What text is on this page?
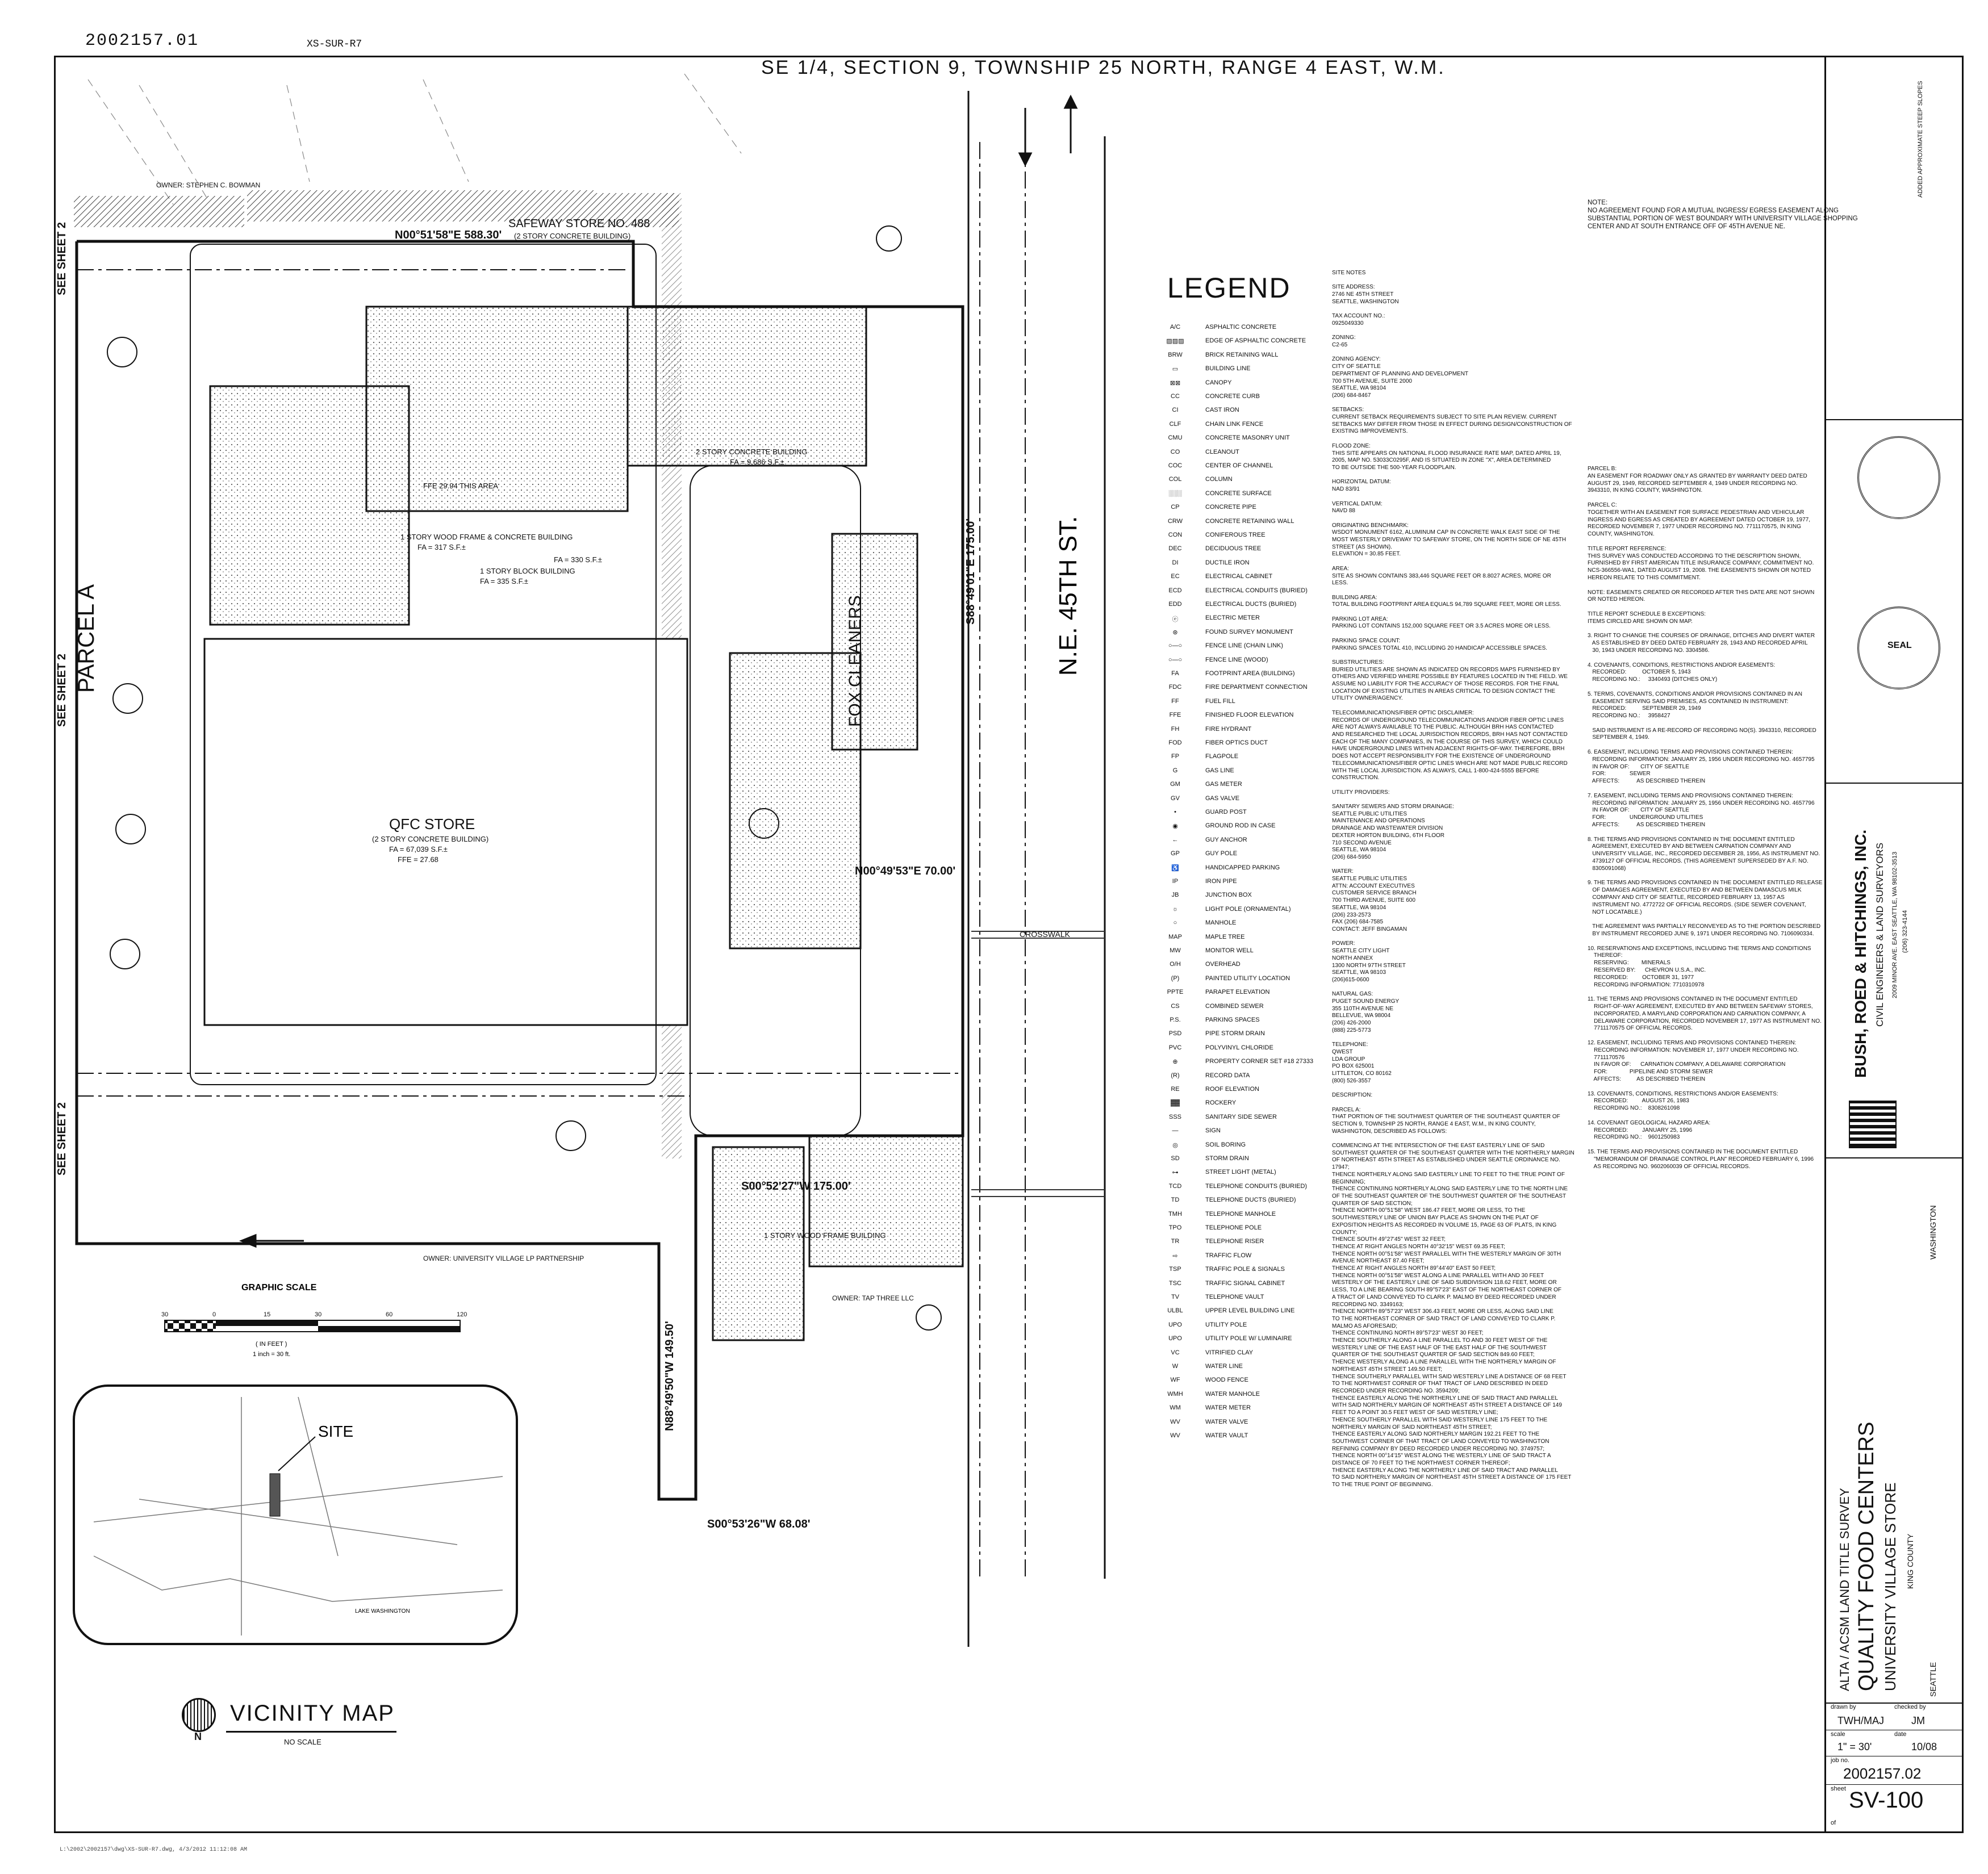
2002157.01	XS-SUR-R7
SE 1/4, SECTION 9, TOWNSHIP 25 NORTH, RANGE 4 EAST, W.M.
N.E. 45TH ST.
SAFEWAY STORE NO. 488
(2 STORY CONCRETE BUILDING)
2 STORY CONCRETE BUILDING
FA = 9,686 S.F.±
1 STORY WOOD FRAME & CONCRETE BUILDING
FA = 317 S.F.±
1 STORY BLOCK BUILDING
FA = 335 S.F.±
FA = 330 S.F.±
FFE 29.94 THIS AREA
FOX CLEANERS
QFC STORE
(2 STORY CONCRETE BUILDING)
FA = 67,039 S.F.±
FFE = 27.68
1 STORY WOOD FRAME BUILDING
PARCEL A
CROSSWALK
N00°51'58"E 588.30'
S88°49'01"E 175.00'
N00°49'53"E 70.00'
S00°52'27"W 175.00'
N88°49'50"W 149.50'
S00°53'26"W 68.08'
OWNER: STEPHEN C. BOWMAN
OWNER: UNIVERSITY VILLAGE LP PARTNERSHIP
OWNER: TAP THREE LLC
SEE SHEET 2
SEE SHEET 2
SEE SHEET 2
GRAPHIC SCALE
30	0	15	30	60	120
( IN FEET )
1 inch = 30 ft.
SITE
LAKE WASHINGTON
N
VICINITY MAP
NO SCALE
LEGEND
A/C	ASPHALTIC CONCRETE
▨▨▨	EDGE OF ASPHALTIC CONCRETE
BRW	BRICK RETAINING WALL
▭	BUILDING LINE
⊠⊠	CANOPY
CC	CONCRETE CURB
CI	CAST IRON
CLF	CHAIN LINK FENCE
CMU	CONCRETE MASONRY UNIT
CO	CLEANOUT
COC	CENTER OF CHANNEL
COL	COLUMN
░░░	CONCRETE SURFACE
CP	CONCRETE PIPE
CRW	CONCRETE RETAINING WALL
CON	CONIFEROUS TREE
DEC	DECIDUOUS TREE
DI	DUCTILE IRON
EC	ELECTRICAL CABINET
ECD	ELECTRICAL CONDUITS (BURIED)
EDD	ELECTRICAL DUCTS (BURIED)
ⓔ	ELECTRIC METER
⊛	FOUND SURVEY MONUMENT
○—○	FENCE LINE (CHAIN LINK)
○—○	FENCE LINE (WOOD)
FA	FOOTPRINT AREA (BUILDING)
FDC	FIRE DEPARTMENT CONNECTION
FF	FUEL FILL
FFE	FINISHED FLOOR ELEVATION
FH	FIRE HYDRANT
FOD	FIBER OPTICS DUCT
FP	FLAGPOLE
G	GAS LINE
GM	GAS METER
GV	GAS VALVE
•	GUARD POST
◉	GROUND ROD IN CASE
←	GUY ANCHOR
GP	GUY POLE
♿	HANDICAPPED PARKING
IP	IRON PIPE
JB	JUNCTION BOX
☼	LIGHT POLE (ORNAMENTAL)
○	MANHOLE
MAP	MAPLE TREE
MW	MONITOR WELL
O/H	OVERHEAD
(P)	PAINTED UTILITY LOCATION
PPTE	PARAPET ELEVATION
CS	COMBINED SEWER
P.S.	PARKING SPACES
PSD	PIPE STORM DRAIN
PVC	POLYVINYL CHLORIDE
⊕	PROPERTY CORNER SET #18 27333
(R)	RECORD DATA
RE	ROOF ELEVATION
▓▓	ROCKERY
SSS	SANITARY SIDE SEWER
—	SIGN
◎	SOIL BORING
SD	STORM DRAIN
⊶	STREET LIGHT (METAL)
TCD	TELEPHONE CONDUITS (BURIED)
TD	TELEPHONE DUCTS (BURIED)
TMH	TELEPHONE MANHOLE
TPO	TELEPHONE POLE
TR	TELEPHONE RISER
⇨	TRAFFIC FLOW
TSP	TRAFFIC POLE & SIGNALS
TSC	TRAFFIC SIGNAL CABINET
TV	TELEPHONE VAULT
ULBL	UPPER LEVEL BUILDING LINE
UPO	UTILITY POLE
UPO	UTILITY POLE W/ LUMINAIRE
VC	VITRIFIED CLAY
W	WATER LINE
WF	WOOD FENCE
WMH	WATER MANHOLE
WM	WATER METER
WV	WATER VALVE
WV	WATER VAULT
SITE NOTES

SITE ADDRESS:
2746 NE 45TH STREET
SEATTLE, WASHINGTON

TAX ACCOUNT NO.:
0925049330

ZONING:
C2-65

ZONING AGENCY:
CITY OF SEATTLE
DEPARTMENT OF PLANNING AND DEVELOPMENT
700 5TH AVENUE, SUITE 2000
SEATTLE, WA 98104
(206) 684-8467

SETBACKS:
CURRENT SETBACK REQUIREMENTS SUBJECT TO SITE PLAN REVIEW. CURRENT
SETBACKS MAY DIFFER FROM THOSE IN EFFECT DURING DESIGN/CONSTRUCTION OF
EXISTING IMPROVEMENTS.

FLOOD ZONE:
THIS SITE APPEARS ON NATIONAL FLOOD INSURANCE RATE MAP, DATED APRIL 19,
2005, MAP NO. 53033C0295F, AND IS SITUATED IN ZONE "X", AREA DETERMINED
TO BE OUTSIDE THE 500-YEAR FLOODPLAIN.

HORIZONTAL DATUM:
NAD 83/91

VERTICAL DATUM:
NAVD 88

ORIGINATING BENCHMARK:
WSDOT MONUMENT 6162, ALUMINUM CAP IN CONCRETE WALK EAST SIDE OF THE
MOST WESTERLY DRIVEWAY TO SAFEWAY STORE, ON THE NORTH SIDE OF NE 45TH
STREET (AS SHOWN).
ELEVATION = 30.85 FEET.

AREA:
SITE AS SHOWN CONTAINS 383,446 SQUARE FEET OR 8.8027 ACRES, MORE OR
LESS.

BUILDING AREA:
TOTAL BUILDING FOOTPRINT AREA EQUALS 94,789 SQUARE FEET, MORE OR LESS.

PARKING LOT AREA:
PARKING LOT CONTAINS 152,000 SQUARE FEET OR 3.5 ACRES MORE OR LESS.

PARKING SPACE COUNT:
PARKING SPACES TOTAL 410, INCLUDING 20 HANDICAP ACCESSIBLE SPACES.

SUBSTRUCTURES:
BURIED UTILITIES ARE SHOWN AS INDICATED ON RECORDS MAPS FURNISHED BY
OTHERS AND VERIFIED WHERE POSSIBLE BY FEATURES LOCATED IN THE FIELD. WE
ASSUME NO LIABILITY FOR THE ACCURACY OF THOSE RECORDS. FOR THE FINAL
LOCATION OF EXISTING UTILITIES IN AREAS CRITICAL TO DESIGN CONTACT THE
UTILITY OWNER/AGENCY.

TELECOMMUNICATIONS/FIBER OPTIC DISCLAIMER:
RECORDS OF UNDERGROUND TELECOMMUNICATIONS AND/OR FIBER OPTIC LINES
ARE NOT ALWAYS AVAILABLE TO THE PUBLIC. ALTHOUGH BRH HAS CONTACTED
AND RESEARCHED THE LOCAL JURISDICTION RECORDS, BRH HAS NOT CONTACTED
EACH OF THE MANY COMPANIES, IN THE COURSE OF THIS SURVEY, WHICH COULD
HAVE UNDERGROUND LINES WITHIN ADJACENT RIGHTS-OF-WAY. THEREFORE, BRH
DOES NOT ACCEPT RESPONSIBILITY FOR THE EXISTENCE OF UNDERGROUND
TELECOMMUNICATIONS/FIBER OPTIC LINES WHICH ARE NOT MADE PUBLIC RECORD
WITH THE LOCAL JURISDICTION. AS ALWAYS, CALL 1-800-424-5555 BEFORE
CONSTRUCTION.

UTILITY PROVIDERS:

SANITARY SEWERS AND STORM DRAINAGE:
SEATTLE PUBLIC UTILITIES
MAINTENANCE AND OPERATIONS
DRAINAGE AND WASTEWATER DIVISION
DEXTER HORTON BUILDING, 6TH FLOOR
710 SECOND AVENUE
SEATTLE, WA 98104
(206) 684-5950

WATER:
SEATTLE PUBLIC UTILITIES
ATTN: ACCOUNT EXECUTIVES
CUSTOMER SERVICE BRANCH
700 THIRD AVENUE, SUITE 600
SEATTLE, WA 98104
(206) 233-2573
FAX (206) 684-7585
CONTACT: JEFF BINGAMAN

POWER:
SEATTLE CITY LIGHT
NORTH ANNEX
1300 NORTH 97TH STREET
SEATTLE, WA 98103
(206)615-0600

NATURAL GAS:
PUGET SOUND ENERGY
355 110TH AVENUE NE
BELLEVUE, WA 98004
(206) 426-2000
(888) 225-5773

TELEPHONE:
QWEST
LDA GROUP
PO BOX 625001
LITTLETON, CO 80162
(800) 526-3557

DESCRIPTION:

PARCEL A:
THAT PORTION OF THE SOUTHWEST QUARTER OF THE SOUTHEAST QUARTER OF
SECTION 9, TOWNSHIP 25 NORTH, RANGE 4 EAST, W.M., IN KING COUNTY,
WASHINGTON, DESCRIBED AS FOLLOWS:

COMMENCING AT THE INTERSECTION OF THE EAST EASTERLY LINE OF SAID
SOUTHWEST QUARTER OF THE SOUTHEAST QUARTER WITH THE NORTHERLY MARGIN
OF NORTHEAST 45TH STREET AS ESTABLISHED UNDER SEATTLE ORDINANCE NO.
17947;
THENCE NORTHERLY ALONG SAID EASTERLY LINE TO FEET TO THE TRUE POINT OF
BEGINNING;
THENCE CONTINUING NORTHERLY ALONG SAID EASTERLY LINE TO THE NORTH LINE
OF THE SOUTHEAST QUARTER OF THE SOUTHWEST QUARTER OF THE SOUTHEAST
QUARTER OF SAID SECTION;
THENCE NORTH 00°51'58" WEST 186.47 FEET, MORE OR LESS, TO THE
SOUTHWESTERLY LINE OF UNION BAY PLACE AS SHOWN ON THE PLAT OF
EXPOSITION HEIGHTS AS RECORDED IN VOLUME 15, PAGE 63 OF PLATS, IN KING
COUNTY;
THENCE SOUTH 49°27'45" WEST 32 FEET;
THENCE AT RIGHT ANGLES NORTH 40°32'15" WEST 69.35 FEET;
THENCE NORTH 00°51'58" WEST PARALLEL WITH THE WESTERLY MARGIN OF 30TH
AVENUE NORTHEAST 87.40 FEET;
THENCE AT RIGHT ANGLES NORTH 89°44'40" EAST 50 FEET;
THENCE NORTH 00°51'58" WEST ALONG A LINE PARALLEL WITH AND 30 FEET
WESTERLY OF THE EASTERLY LINE OF SAID SUBDIVISION 118.62 FEET, MORE OR
LESS, TO A LINE BEARING SOUTH 89°57'23" EAST OF THE NORTHEAST CORNER OF
A TRACT OF LAND CONVEYED TO CLARK P. MALMO BY DEED RECORDED UNDER
RECORDING NO. 3349163;
THENCE NORTH 89°57'23" WEST 306.43 FEET, MORE OR LESS, ALONG SAID LINE
TO THE NORTHEAST CORNER OF SAID TRACT OF LAND CONVEYED TO CLARK P.
MALMO AS AFORESAID;
THENCE CONTINUING NORTH 89°57'23" WEST 30 FEET;
THENCE SOUTHERLY ALONG A LINE PARALLEL TO AND 30 FEET WEST OF THE
WESTERLY LINE OF THE EAST HALF OF THE EAST HALF OF THE SOUTHWEST
QUARTER OF THE SOUTHEAST QUARTER OF SAID SECTION 849.60 FEET;
THENCE WESTERLY ALONG A LINE PARALLEL WITH THE NORTHERLY MARGIN OF
NORTHEAST 45TH STREET 149.50 FEET;
THENCE SOUTHERLY PARALLEL WITH SAID WESTERLY LINE A DISTANCE OF 68 FEET
TO THE NORTHWEST CORNER OF THAT TRACT OF LAND DESCRIBED IN DEED
RECORDED UNDER RECORDING NO. 3594209;
THENCE EASTERLY ALONG THE NORTHERLY LINE OF SAID TRACT AND PARALLEL
WITH SAID NORTHERLY MARGIN OF NORTHEAST 45TH STREET A DISTANCE OF 149
FEET TO A POINT 30.5 FEET WEST OF SAID WESTERLY LINE;
THENCE SOUTHERLY PARALLEL WITH SAID WESTERLY LINE 175 FEET TO THE
NORTHERLY MARGIN OF SAID NORTHEAST 45TH STREET;
THENCE EASTERLY ALONG SAID NORTHERLY MARGIN 192.21 FEET TO THE
SOUTHWEST CORNER OF THAT TRACT OF LAND CONVEYED TO WASHINGTON
REFINING COMPANY BY DEED RECORDED UNDER RECORDING NO. 3749757;
THENCE NORTH 00°14'15" WEST ALONG THE WESTERLY LINE OF SAID TRACT A
DISTANCE OF 70 FEET TO THE NORTHWEST CORNER THEREOF;
THENCE EASTERLY ALONG THE NORTHERLY LINE OF SAID TRACT AND PARALLEL
TO SAID NORTHERLY MARGIN OF NORTHEAST 45TH STREET A DISTANCE OF 175 FEET
TO THE TRUE POINT OF BEGINNING.
NOTE:
NO AGREEMENT FOUND FOR A MUTUAL INGRESS/ EGRESS EASEMENT ALONG
SUBSTANTIAL PORTION OF WEST BOUNDARY WITH UNIVERSITY VILLAGE SHOPPING
CENTER AND AT SOUTH ENTRANCE OFF OF 45TH AVENUE NE.
PARCEL B:
AN EASEMENT FOR ROADWAY ONLY AS GRANTED BY WARRANTY DEED DATED
AUGUST 29, 1949, RECORDED SEPTEMBER 4, 1949 UNDER RECORDING NO.
3943310, IN KING COUNTY, WASHINGTON.

PARCEL C:
TOGETHER WITH AN EASEMENT FOR SURFACE PEDESTRIAN AND VEHICULAR
INGRESS AND EGRESS AS CREATED BY AGREEMENT DATED OCTOBER 19, 1977,
RECORDED NOVEMBER 7, 1977 UNDER RECORDING NO. 7711170575, IN KING
COUNTY, WASHINGTON.

TITLE REPORT REFERENCE:
THIS SURVEY WAS CONDUCTED ACCORDING TO THE DESCRIPTION SHOWN,
FURNISHED BY FIRST AMERICAN TITLE INSURANCE COMPANY, COMMITMENT NO.
NCS-366556-WA1, DATED AUGUST 19, 2008. THE EASEMENTS SHOWN OR NOTED
HEREON RELATE TO THIS COMMITMENT.

NOTE: EASEMENTS CREATED OR RECORDED AFTER THIS DATE ARE NOT SHOWN
OR NOTED HEREON.

TITLE REPORT SCHEDULE B EXCEPTIONS:
ITEMS CIRCLED ARE SHOWN ON MAP.

3. RIGHT TO CHANGE THE COURSES OF DRAINAGE, DITCHES AND DIVERT WATER
AS ESTABLISHED BY DEED DATED FEBRUARY 28, 1943 AND RECORDED APRIL
30, 1943 UNDER RECORDING NO. 3304586.

4. COVENANTS, CONDITIONS, RESTRICTIONS AND/OR EASEMENTS:
RECORDED:          OCTOBER 5, 1943
RECORDING NO.:     3340493 (DITCHES ONLY)

5. TERMS, COVENANTS, CONDITIONS AND/OR PROVISIONS CONTAINED IN AN
EASEMENT SERVING SAID PREMISES, AS CONTAINED IN INSTRUMENT:
RECORDED:          SEPTEMBER 29, 1949
RECORDING NO.:     3958427

SAID INSTRUMENT IS A RE-RECORD OF RECORDING NO(S). 3943310, RECORDED
SEPTEMBER 4, 1949.

6. EASEMENT, INCLUDING TERMS AND PROVISIONS CONTAINED THEREIN:
RECORDING INFORMATION: JANUARY 25, 1956 UNDER RECORDING NO. 4657795
IN FAVOR OF:       CITY OF SEATTLE
FOR:               SEWER
AFFECTS:           AS DESCRIBED THEREIN

7. EASEMENT, INCLUDING TERMS AND PROVISIONS CONTAINED THEREIN:
RECORDING INFORMATION: JANUARY 25, 1956 UNDER RECORDING NO. 4657796
IN FAVOR OF:       CITY OF SEATTLE
FOR:               UNDERGROUND UTILITIES
AFFECTS:           AS DESCRIBED THEREIN

8. THE TERMS AND PROVISIONS CONTAINED IN THE DOCUMENT ENTITLED
AGREEMENT, EXECUTED BY AND BETWEEN CARNATION COMPANY AND
UNIVERSITY VILLAGE, INC., RECORDED DECEMBER 28, 1956, AS INSTRUMENT NO.
4739127 OF OFFICIAL RECORDS. (THIS AGREEMENT SUPERSEDED BY A.F. NO.
8305091068)

9. THE TERMS AND PROVISIONS CONTAINED IN THE DOCUMENT ENTITLED RELEASE
OF DAMAGES AGREEMENT, EXECUTED BY AND BETWEEN DAMASCUS MILK
COMPANY AND CITY OF SEATTLE, RECORDED FEBRUARY 13, 1957 AS
INSTRUMENT NO. 4772722 OF OFFICIAL RECORDS. (SIDE SEWER COVENANT,
NOT LOCATABLE.)

THE AGREEMENT WAS PARTIALLY RECONVEYED AS TO THE PORTION DESCRIBED
BY INSTRUMENT RECORDED JUNE 9, 1971 UNDER RECORDING NO. 7106090334.

10. RESERVATIONS AND EXCEPTIONS, INCLUDING THE TERMS AND CONDITIONS
THEREOF:
RESERVING:        MINERALS
RESERVED BY:      CHEVRON U.S.A., INC.
RECORDED:         OCTOBER 31, 1977
RECORDING INFORMATION: 7710310978

11. THE TERMS AND PROVISIONS CONTAINED IN THE DOCUMENT ENTITLED
RIGHT-OF-WAY AGREEMENT, EXECUTED BY AND BETWEEN SAFEWAY STORES,
INCORPORATED, A MARYLAND CORPORATION AND CARNATION COMPANY, A
DELAWARE CORPORATION, RECORDED NOVEMBER 17, 1977 AS INSTRUMENT NO.
7711170575 OF OFFICIAL RECORDS.

12. EASEMENT, INCLUDING TERMS AND PROVISIONS CONTAINED THEREIN:
RECORDING INFORMATION: NOVEMBER 17, 1977 UNDER RECORDING NO.
7711170576
IN FAVOR OF:      CARNATION COMPANY, A DELAWARE CORPORATION
FOR:              PIPELINE AND STORM SEWER
AFFECTS:          AS DESCRIBED THEREIN

13. COVENANTS, CONDITIONS, RESTRICTIONS AND/OR EASEMENTS:
RECORDED:         AUGUST 26, 1983
RECORDING NO.:    8308261098

14. COVENANT GEOLOGICAL HAZARD AREA:
RECORDED:         JANUARY 25, 1996
RECORDING NO.:    9601250983

15. THE TERMS AND PROVISIONS CONTAINED IN THE DOCUMENT ENTITLED
"MEMORANDUM OF DRAINAGE CONTROL PLAN" RECORDED FEBRUARY 6, 1996
AS RECORDING NO. 9602060039 OF OFFICIAL RECORDS.
ADDED APPROXIMATE STEEP SLOPES
SEAL
BUSH, ROED & HITCHINGS, INC. CIVIL ENGINEERS & LAND SURVEYORS 2009 MINOR AVE. EAST SEATTLE, WA 98102-3513 (206) 323-4144
ALTA / ACSM LAND TITLE SURVEY QUALITY FOOD CENTERS UNIVERSITY VILLAGE STORE KING COUNTY
SEATTLE
WASHINGTON
drawn by	checked by
TWH/MAJ	JM
scale	date
1" = 30'	10/08
job no.
2002157.02
sheet SV-100
of
L:\2002\2002157\dwg\XS-SUR-R7.dwg, 4/3/2012 11:12:08 AM
